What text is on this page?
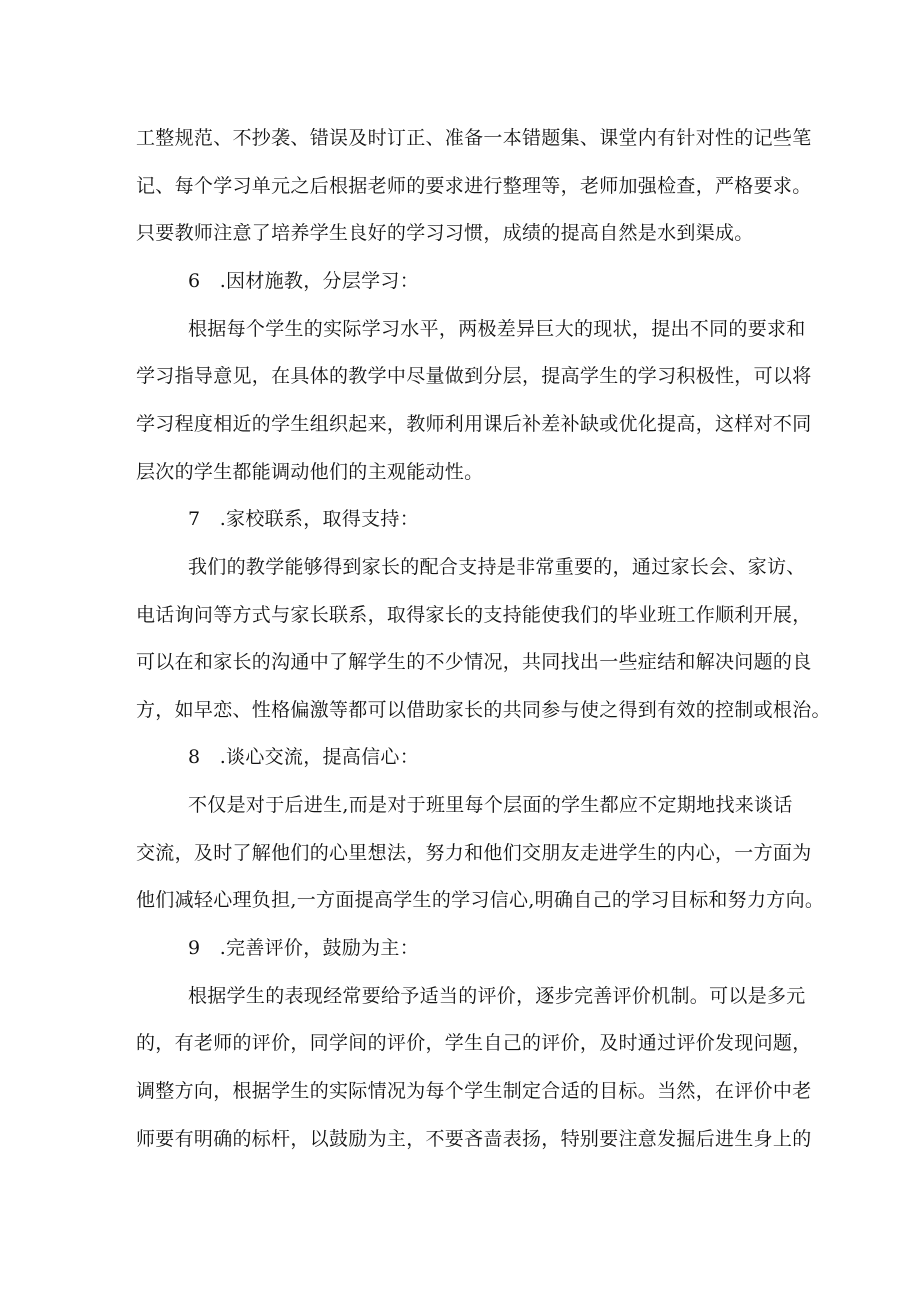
工整规范、不抄袭、错误及时订正、准备一本错题集、课堂内有针对性的记些笔
记、每个学习单元之后根据老师的要求进行整理等，老师加强检查，严格要求。
只要教师注意了培养学生良好的学习习惯，成绩的提高自然是水到渠成。
6　.因材施教，分层学习：
根据每个学生的实际学习水平，两极差异巨大的现状，提出不同的要求和
学习指导意见，在具体的教学中尽量做到分层，提高学生的学习积极性，可以将
学习程度相近的学生组织起来，教师利用课后补差补缺或优化提高，这样对不同
层次的学生都能调动他们的主观能动性。
7　.家校联系，取得支持：
我们的教学能够得到家长的配合支持是非常重要的，通过家长会、家访、
电话询问等方式与家长联系，取得家长的支持能使我们的毕业班工作顺利开展，
可以在和家长的沟通中了解学生的不少情况，共同找出一些症结和解决问题的良
方，如早恋、性格偏激等都可以借助家长的共同参与使之得到有效的控制或根治。
8　.谈心交流，提高信心：
不仅是对于后进生,而是对于班里每个层面的学生都应不定期地找来谈话
交流，及时了解他们的心里想法，努力和他们交朋友走进学生的内心，一方面为
他们减轻心理负担,一方面提高学生的学习信心,明确自己的学习目标和努力方向。
9　.完善评价，鼓励为主：
根据学生的表现经常要给予适当的评价，逐步完善评价机制。可以是多元
的，有老师的评价，同学间的评价，学生自己的评价，及时通过评价发现问题，
调整方向，根据学生的实际情况为每个学生制定合适的目标。当然，在评价中老
师要有明确的标杆，以鼓励为主，不要吝啬表扬，特别要注意发掘后进生身上的
